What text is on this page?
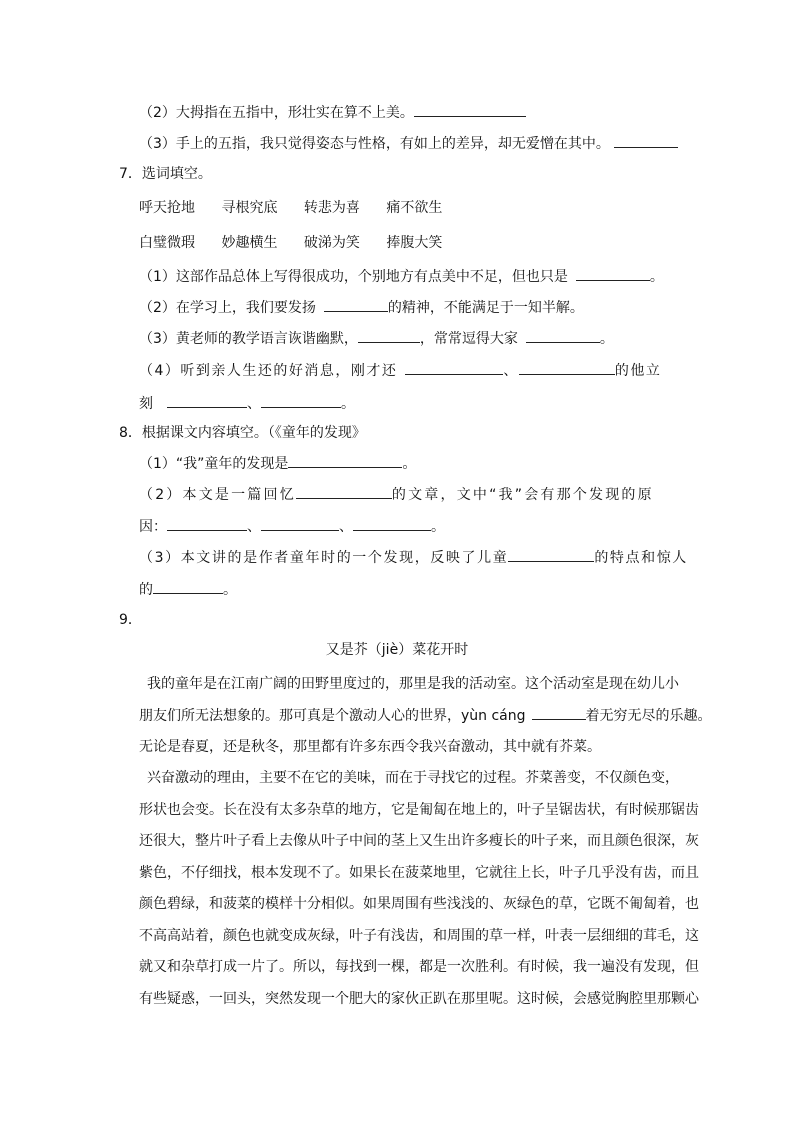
（2）大拇指在五指中，形壮实在算不上美。
（3）手上的五指，我只觉得姿态与性格，有如上的差异，却无爱憎在其中。
7．选词填空。
呼天抢地 寻根究底 转悲为喜 痛不欲生
白璧微瑕 妙趣横生 破涕为笑 捧腹大笑
（1）这部作品总体上写得很成功，个别地方有点美中不足，但也只是	。
（2）在学习上，我们要发扬	的精神，不能满足于一知半解。
（3）黄老师的教学语言诙谐幽默，	，常常逗得大家	。
（4）听到亲人生还的好消息，刚才还	、	的他立
刻	、	。
8．根据课文内容填空。（《童年的发现》
（1）“我”童年的发现是	。
（2）本文是一篇回忆	的文章，文中“我”会有那个发现的原
因：	、	、	。
（3）本文讲的是作者童年时的一个发现，反映了儿童	的特点和惊人
的	。
9．
又是芥（jiè）菜花开时
我的童年是在江南广阔的田野里度过的，那里是我的活动室。这个活动室是现在幼儿小
朋友们所无法想象的。那可真是个激动人心的世界，yùn cáng	着无穷无尽的乐趣。
无论是春夏，还是秋冬，那里都有许多东西令我兴奋激动，其中就有芥菜。
兴奋激动的理由，主要不在它的美味，而在于寻找它的过程。芥菜善变，不仅颜色变，
形状也会变。长在没有太多杂草的地方，它是匍匐在地上的，叶子呈锯齿状，有时候那锯齿
还很大，整片叶子看上去像从叶子中间的茎上又生出许多瘦长的叶子来，而且颜色很深，灰
紫色，不仔细找，根本发现不了。如果长在菠菜地里，它就往上长，叶子几乎没有齿，而且
颜色碧绿，和菠菜的模样十分相似。如果周围有些浅浅的、灰绿色的草，它既不匍匐着，也
不高高站着，颜色也就变成灰绿，叶子有浅齿，和周围的草一样，叶表一层细细的茸毛，这
就又和杂草打成一片了。所以，每找到一棵，都是一次胜利。有时候，我一遍没有发现，但
有些疑惑，一回头，突然发现一个肥大的家伙正趴在那里呢。这时候，会感觉胸腔里那颗心
